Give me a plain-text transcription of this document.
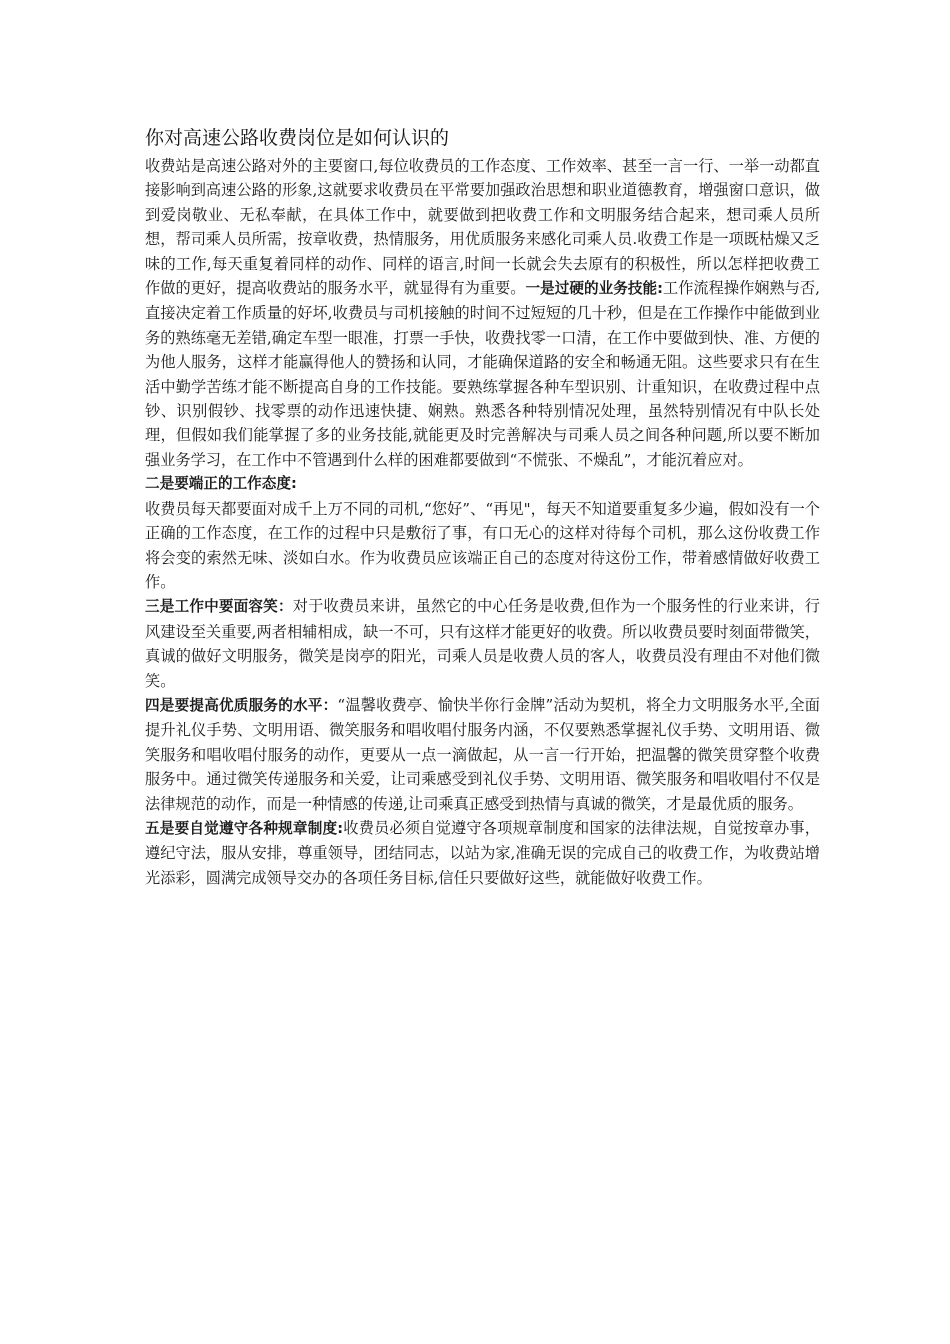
你对高速公路收费岗位是如何认识的

收费站是高速公路对外的主要窗口,每位收费员的工作态度、工作效率、甚至一言一行、一举一动都直接影响到高速公路的形象,这就要求收费员在平常要加强政治思想和职业道德教育，增强窗口意识，做到爱岗敬业、无私奉献，在具体工作中，就要做到把收费工作和文明服务结合起来，想司乘人员所想，帮司乘人员所需，按章收费，热情服务，用优质服务来感化司乘人员.收费工作是一项既枯燥又乏味的工作,每天重复着同样的动作、同样的语言,时间一长就会失去原有的积极性，所以怎样把收费工作做的更好，提高收费站的服务水平，就显得有为重要。一是过硬的业务技能:工作流程操作娴熟与否,直接决定着工作质量的好坏,收费员与司机接触的时间不过短短的几十秒，但是在工作操作中能做到业务的熟练毫无差错,确定车型一眼准，打票一手快，收费找零一口清，在工作中要做到快、准、方便的为他人服务，这样才能赢得他人的赞扬和认同，才能确保道路的安全和畅通无阻。这些要求只有在生活中勤学苦练才能不断提高自身的工作技能。要熟练掌握各种车型识别、计重知识，在收费过程中点钞、识别假钞、找零票的动作迅速快捷、娴熟。熟悉各种特别情况处理，虽然特别情况有中队长处理，但假如我们能掌握了多的业务技能,就能更及时完善解决与司乘人员之间各种问题,所以要不断加强业务学习，在工作中不管遇到什么样的困难都要做到“不慌张、不燥乱”，才能沉着应对。

二是要端正的工作态度:

收费员每天都要面对成千上万不同的司机,“您好”、“再见"，每天不知道要重复多少遍，假如没有一个正确的工作态度，在工作的过程中只是敷衍了事，有口无心的这样对待每个司机，那么这份收费工作将会变的索然无味、淡如白水。作为收费员应该端正自己的态度对待这份工作，带着感情做好收费工作。

三是工作中要面容笑：对于收费员来讲，虽然它的中心任务是收费,但作为一个服务性的行业来讲，行风建设至关重要,两者相辅相成，缺一不可，只有这样才能更好的收费。所以收费员要时刻面带微笑，真诚的做好文明服务，微笑是岗亭的阳光，司乘人员是收费人员的客人，收费员没有理由不对他们微笑。

四是要提高优质服务的水平：“温馨收费亭、愉快半你行金牌”活动为契机，将全力文明服务水平,全面提升礼仪手势、文明用语、微笑服务和唱收唱付服务内涵，不仅要熟悉掌握礼仪手势、文明用语、微笑服务和唱收唱付服务的动作，更要从一点一滴做起，从一言一行开始，把温馨的微笑贯穿整个收费服务中。通过微笑传递服务和关爱，让司乘感受到礼仪手势、文明用语、微笑服务和唱收唱付不仅是法律规范的动作，而是一种情感的传递,让司乘真正感受到热情与真诚的微笑，才是最优质的服务。

五是要自觉遵守各种规章制度:收费员必须自觉遵守各项规章制度和国家的法律法规，自觉按章办事，遵纪守法，服从安排，尊重领导，团结同志，以站为家,准确无误的完成自己的收费工作，为收费站增光添彩，圆满完成领导交办的各项任务目标,信任只要做好这些，就能做好收费工作。
